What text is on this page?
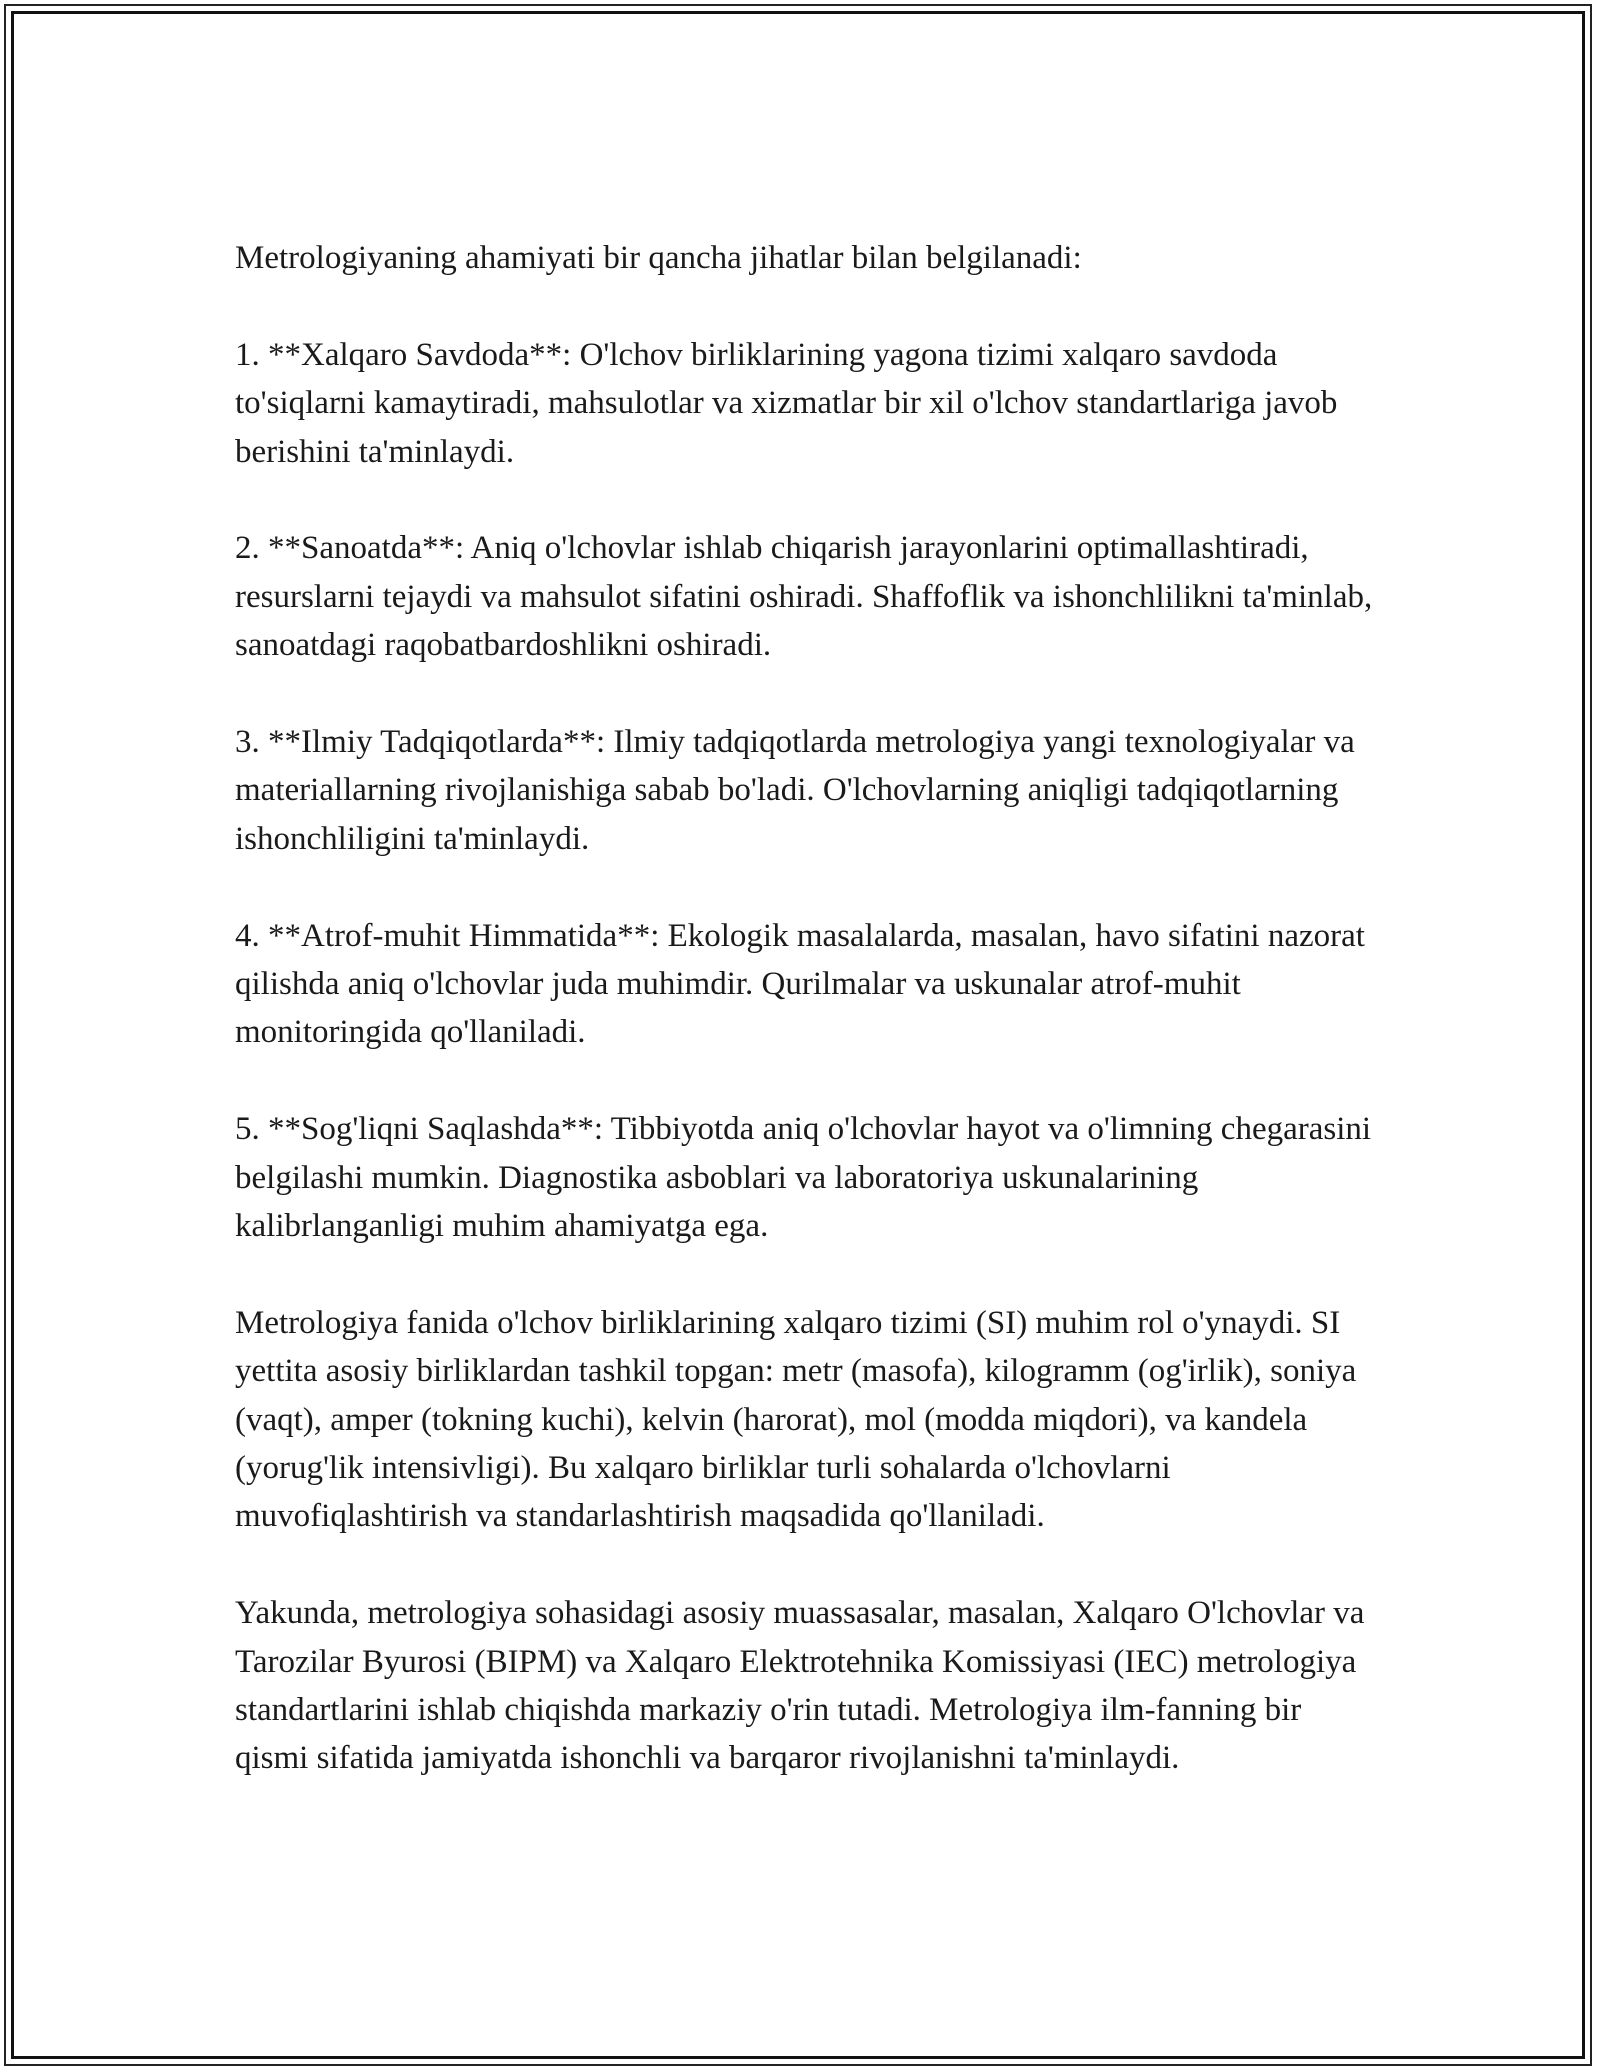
Metrologiyaning ahamiyati bir qancha jihatlar bilan belgilanadi:

1. **Xalqaro Savdoda**: O'lchov birliklarining yagona tizimi xalqaro savdoda to'siqlarni kamaytiradi, mahsulotlar va xizmatlar bir xil o'lchov standartlariga javob berishini ta'minlaydi.

2. **Sanoatda**: Aniq o'lchovlar ishlab chiqarish jarayonlarini optimallashtiradi, resurslarni tejaydi va mahsulot sifatini oshiradi. Shaffoflik va ishonchlilikni ta'minlab, sanoatdagi raqobatbardoshlikni oshiradi.

3. **Ilmiy Tadqiqotlarda**: Ilmiy tadqiqotlarda metrologiya yangi texnologiyalar va materiallarning rivojlanishiga sabab bo'ladi. O'lchovlarning aniqligi tadqiqotlarning ishonchliligini ta'minlaydi.

4. **Atrof-muhit Himmatida**: Ekologik masalalarda, masalan, havo sifatini nazorat qilishda aniq o'lchovlar juda muhimdir. Qurilmalar va uskunalar atrof-muhit monitoringida qo'llaniladi.

5. **Sog'liqni Saqlashda**: Tibbiyotda aniq o'lchovlar hayot va o'limning chegarasini belgilashi mumkin. Diagnostika asboblari va laboratoriya uskunalarining kalibrlanganligi muhim ahamiyatga ega.

Metrologiya fanida o'lchov birliklarining xalqaro tizimi (SI) muhim rol o'ynaydi. SI yettita asosiy birliklardan tashkil topgan: metr (masofa), kilogramm (og'irlik), soniya (vaqt), amper (tokning kuchi), kelvin (harorat), mol (modda miqdori), va kandela (yorug'lik intensivligi). Bu xalqaro birliklar turli sohalarda o'lchovlarni muvofiqlashtirish va standarlashtirish maqsadida qo'llaniladi.

Yakunda, metrologiya sohasidagi asosiy muassasalar, masalan, Xalqaro O'lchovlar va Tarozilar Byurosi (BIPM) va Xalqaro Elektrotehnika Komissiyasi (IEC) metrologiya standartlarini ishlab chiqishda markaziy o'rin tutadi. Metrologiya ilm-fanning bir qismi sifatida jamiyatda ishonchli va barqaror rivojlanishni ta'minlaydi.
